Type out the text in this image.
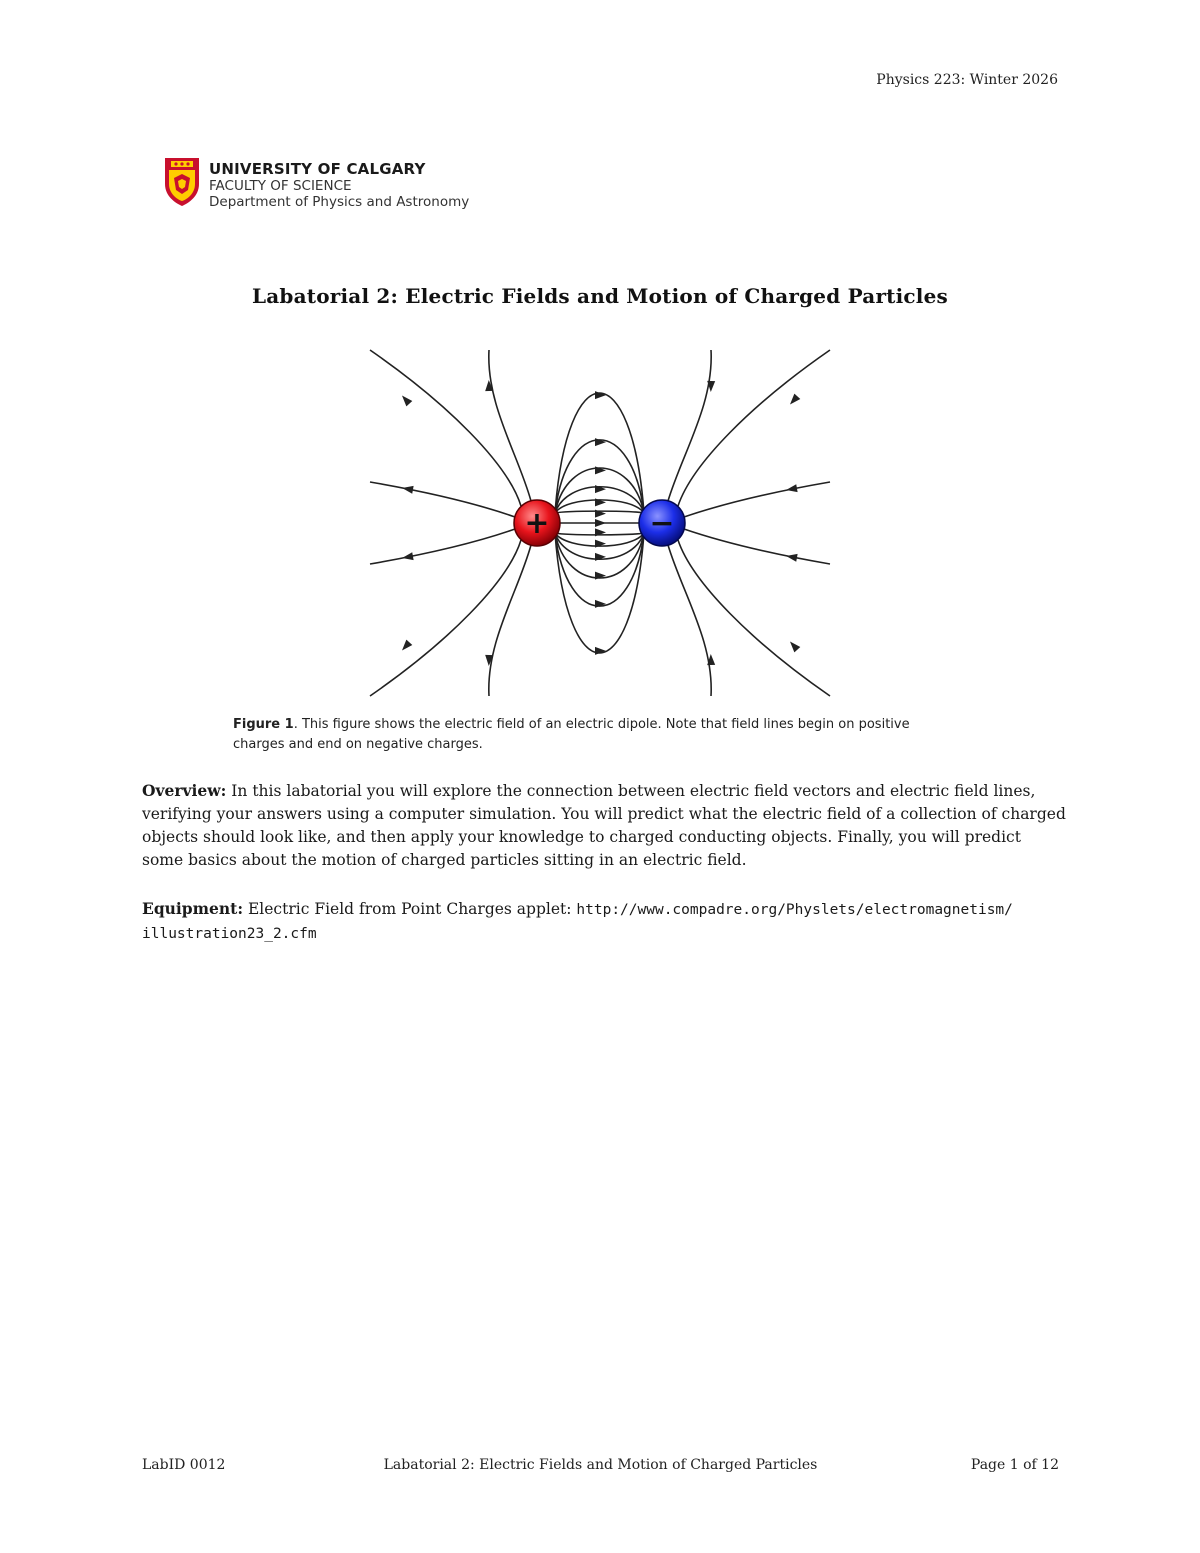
Physics 223: Winter 2026
UNIVERSITY OF CALGARY
FACULTY OF SCIENCE
Department of Physics and Astronomy
Labatorial 2: Electric Fields and Motion of Charged Particles
+	−
Figure 1. This figure shows the electric field of an electric dipole. Note that field lines begin on positive charges and end on negative charges.
Overview: In this labatorial you will explore the connection between electric field vectors and electric field lines, verifying your answers using a computer simulation. You will predict what the electric field of a collection of charged objects should look like, and then apply your knowledge to charged conducting objects. Finally, you will predict some basics about the motion of charged particles sitting in an electric field.
Equipment: Electric Field from Point Charges applet: http://www.compadre.org/Physlets/electromagnetism/ illustration23_2.cfm
LabID 0012	Labatorial 2: Electric Fields and Motion of Charged Particles	Page 1 of 12
